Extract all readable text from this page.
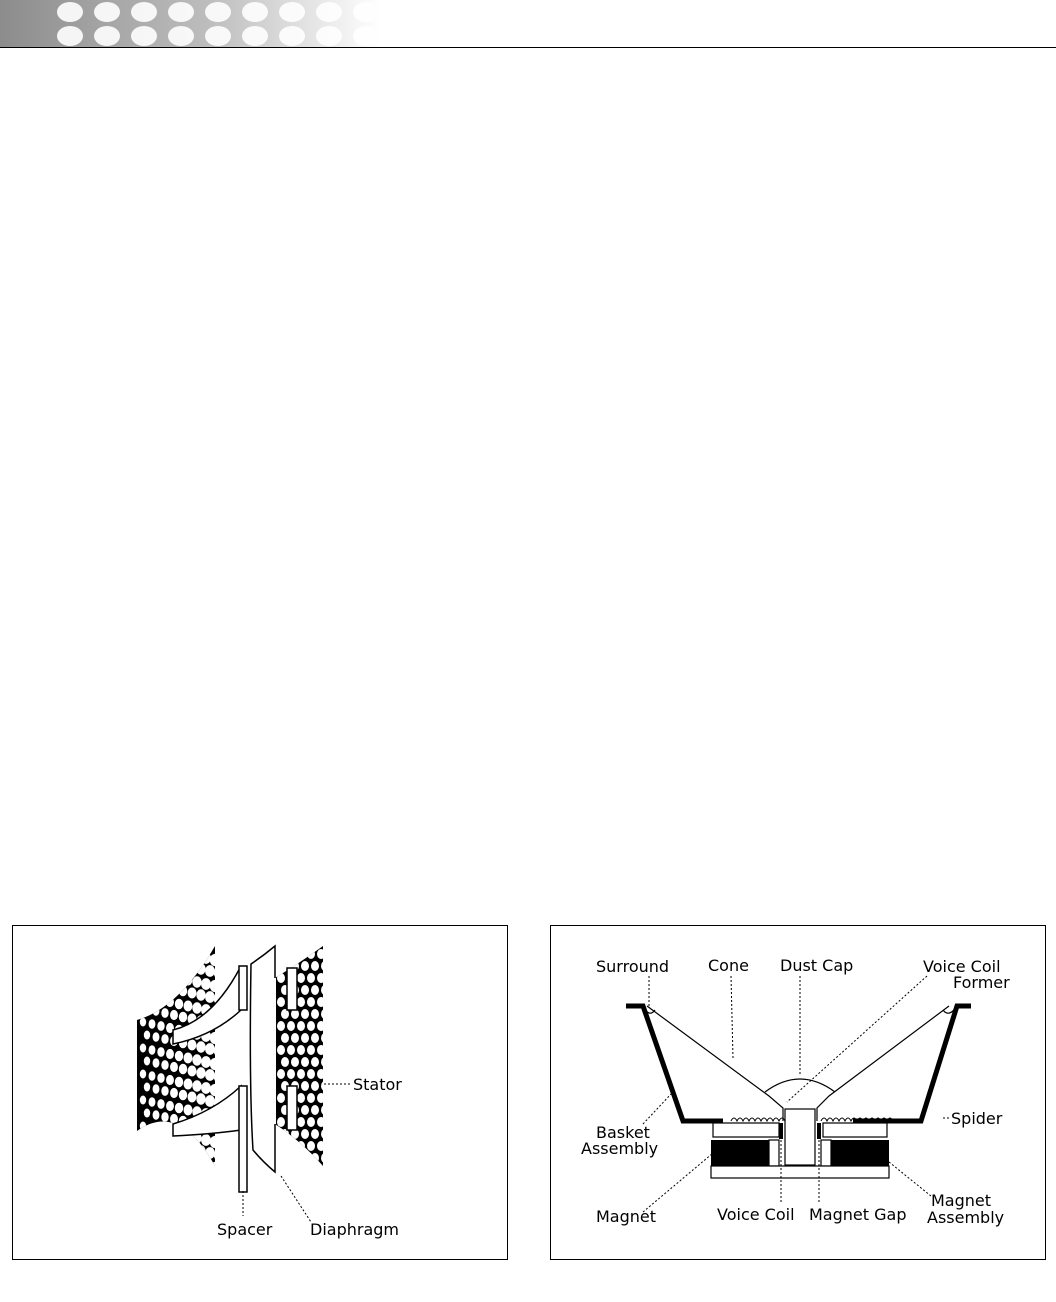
Stator
Spacer Diaphragm
Surround Cone Dust Cap	Voice Coil
Former
Basket
Assembly
Spider
Magnet	Voice Coil Magnet Gap
Magnet
Assembly
